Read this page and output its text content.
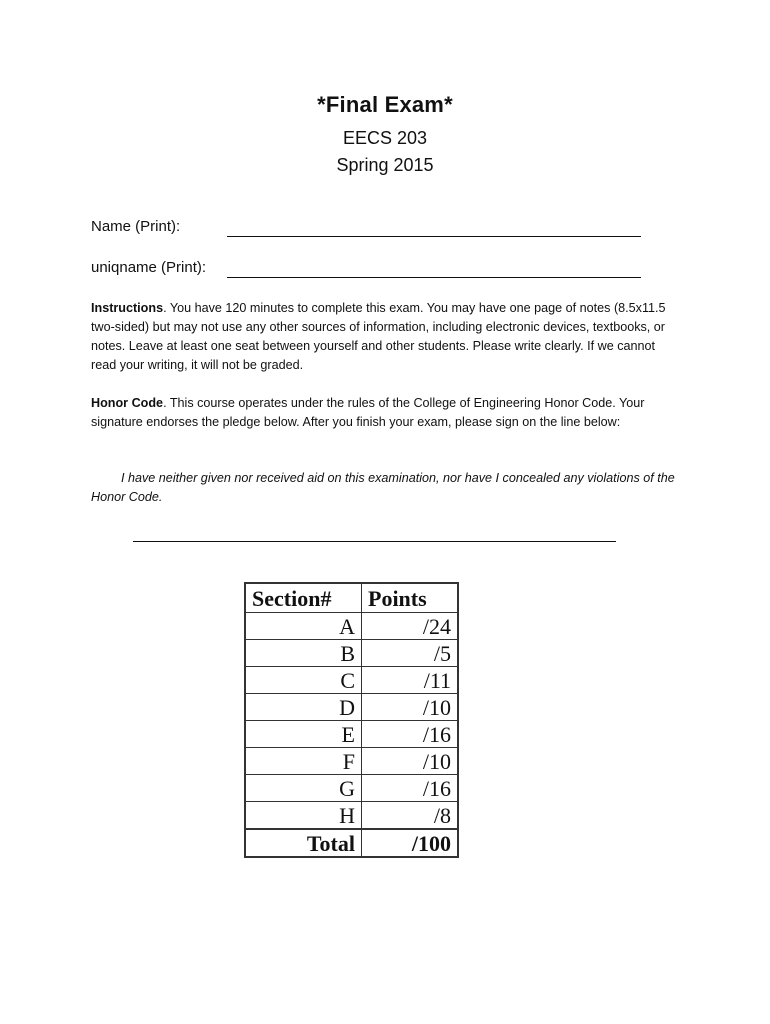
*Final Exam*
EECS 203
Spring 2015
Name (Print):
uniqname (Print):
Instructions. You have 120 minutes to complete this exam. You may have one page of notes (8.5x11.5 two-sided) but may not use any other sources of information, including electronic devices, textbooks, or notes. Leave at least one seat between yourself and other students. Please write clearly. If we cannot read your writing, it will not be graded.
Honor Code. This course operates under the rules of the College of Engineering Honor Code. Your signature endorses the pledge below. After you finish your exam, please sign on the line below:
I have neither given nor received aid on this examination, nor have I concealed any violations of the Honor Code.
Section#	Points
A	/24
B	/5
C	/11
D	/10
E	/16
F	/10
G	/16
H	/8
Total	/100
